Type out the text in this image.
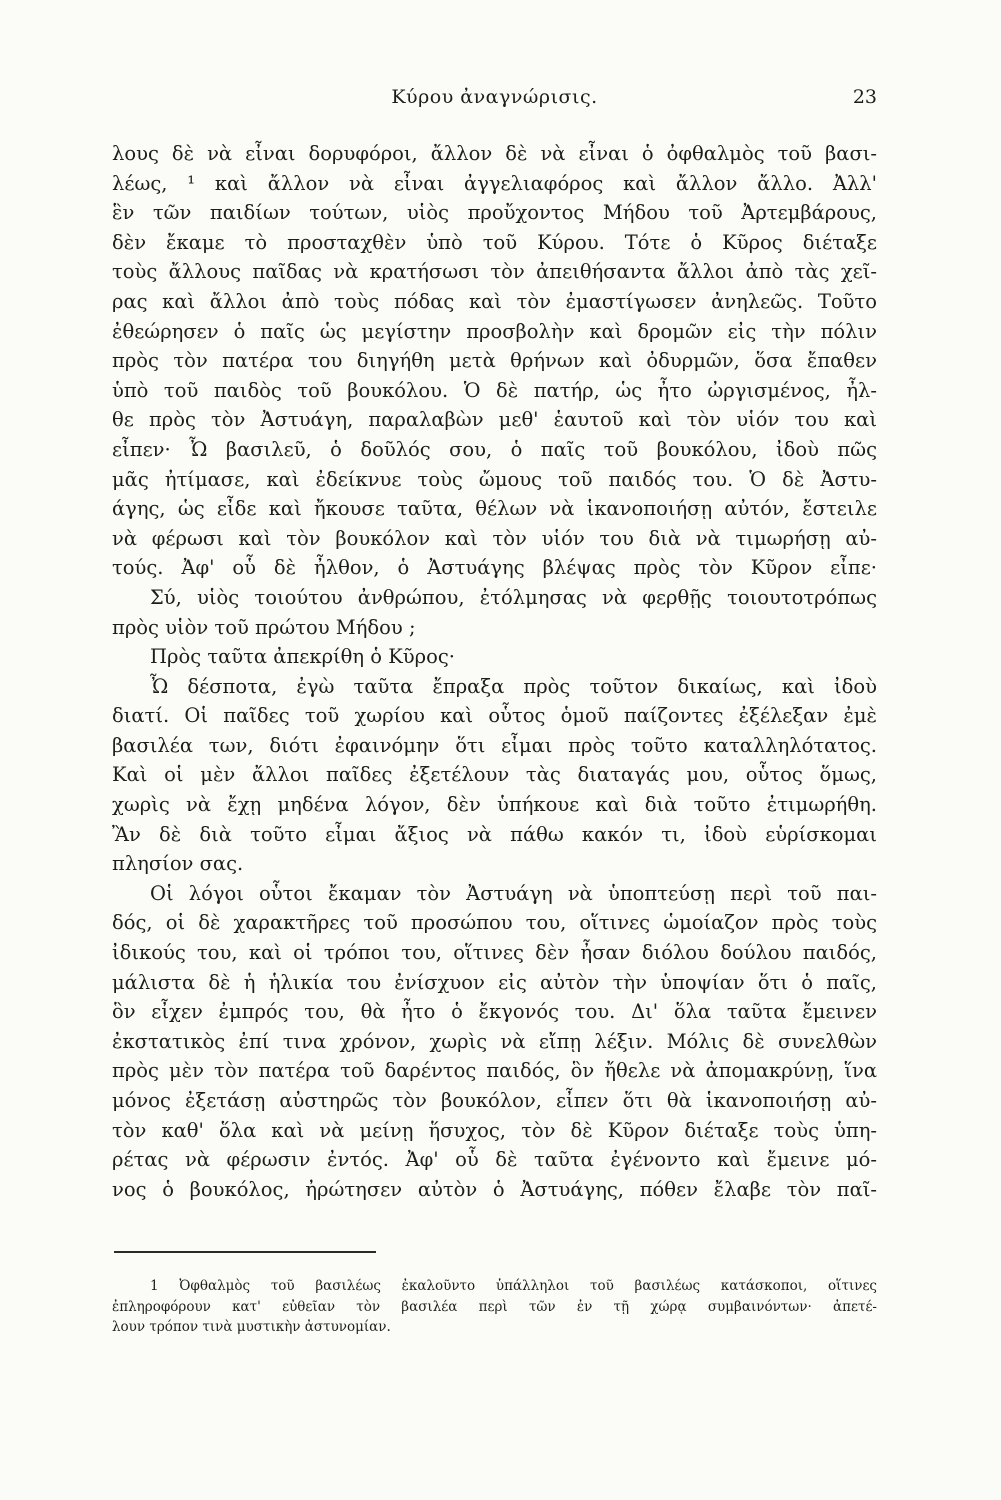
Κύρου ἀναγνώρισις.	23
λους δὲ νὰ εἶναι δορυφόροι, ἄλλον δὲ νὰ εἶναι ὁ ὀφθαλμὸς τοῦ βασι-
λέως, ¹ καὶ ἄλλον νὰ εἶναι ἀγγελιαφόρος καὶ ἄλλον ἄλλο. Ἀλλ'
ἓν τῶν παιδίων τούτων, υἱὸς προὔχοντος Μήδου τοῦ Ἀρτεμβάρους,
δὲν ἔκαμε τὸ προσταχθὲν ὑπὸ τοῦ Κύρου. Τότε ὁ Κῦρος διέταξε
τοὺς ἄλλους παῖδας νὰ κρατήσωσι τὸν ἀπειθήσαντα ἄλλοι ἀπὸ τὰς χεῖ-
ρας καὶ ἄλλοι ἀπὸ τοὺς πόδας καὶ τὸν ἐμαστίγωσεν ἀνηλεῶς. Τοῦτο
ἐθεώρησεν ὁ παῖς ὡς μεγίστην προσβολὴν καὶ δρομῶν εἰς τὴν πόλιν
πρὸς τὸν πατέρα του διηγήθη μετὰ θρήνων καὶ ὀδυρμῶν, ὅσα ἔπαθεν
ὑπὸ τοῦ παιδὸς τοῦ βουκόλου. Ὁ δὲ πατήρ, ὡς ἦτο ὠργισμένος, ἦλ-
θε πρὸς τὸν Ἀστυάγη, παραλαβὼν μεθ' ἑαυτοῦ καὶ τὸν υἱόν του καὶ
εἶπεν· Ὦ βασιλεῦ, ὁ δοῦλός σου, ὁ παῖς τοῦ βουκόλου, ἰδοὺ πῶς
μᾶς ἠτίμασε, καὶ ἐδείκνυε τοὺς ὤμους τοῦ παιδός του. Ὁ δὲ Ἀστυ-
άγης, ὡς εἶδε καὶ ἤκουσε ταῦτα, θέλων νὰ ἱκανοποιήσῃ αὐτόν, ἔστειλε
νὰ φέρωσι καὶ τὸν βουκόλον καὶ τὸν υἱόν του διὰ νὰ τιμωρήσῃ αὐ-
τούς. Ἀφ' οὗ δὲ ἦλθον, ὁ Ἀστυάγης βλέψας πρὸς τὸν Κῦρον εἶπε·
Σύ, υἱὸς τοιούτου ἀνθρώπου, ἐτόλμησας νὰ φερθῇς τοιουτοτρόπως
πρὸς υἱὸν τοῦ πρώτου Μήδου ;
Πρὸς ταῦτα ἀπεκρίθη ὁ Κῦρος·
Ὦ δέσποτα, ἐγὼ ταῦτα ἔπραξα πρὸς τοῦτον δικαίως, καὶ ἰδοὺ
διατί. Οἱ παῖδες τοῦ χωρίου καὶ οὗτος ὁμοῦ παίζοντες ἐξέλεξαν ἐμὲ
βασιλέα των, διότι ἐφαινόμην ὅτι εἶμαι πρὸς τοῦτο καταλληλότατος.
Καὶ οἱ μὲν ἄλλοι παῖδες ἐξετέλουν τὰς διαταγάς μου, οὗτος ὅμως,
χωρὶς νὰ ἔχῃ μηδένα λόγον, δὲν ὑπήκουε καὶ διὰ τοῦτο ἐτιμωρήθη.
Ἂν δὲ διὰ τοῦτο εἶμαι ἄξιος νὰ πάθω κακόν τι, ἰδοὺ εὑρίσκομαι
πλησίον σας.
Οἱ λόγοι οὗτοι ἔκαμαν τὸν Ἀστυάγη νὰ ὑποπτεύσῃ περὶ τοῦ παι-
δός, οἱ δὲ χαρακτῆρες τοῦ προσώπου του, οἵτινες ὡμοίαζον πρὸς τοὺς
ἰδικούς του, καὶ οἱ τρόποι του, οἵτινες δὲν ἦσαν διόλου δούλου παιδός,
μάλιστα δὲ ἡ ἡλικία του ἐνίσχυον εἰς αὐτὸν τὴν ὑποψίαν ὅτι ὁ παῖς,
ὃν εἶχεν ἐμπρός του, θὰ ἦτο ὁ ἔκγονός του. Δι' ὅλα ταῦτα ἔμεινεν
ἐκστατικὸς ἐπί τινα χρόνον, χωρὶς νὰ εἴπῃ λέξιν. Μόλις δὲ συνελθὼν
πρὸς μὲν τὸν πατέρα τοῦ δαρέντος παιδός, ὃν ἤθελε νὰ ἀπομακρύνῃ, ἵνα
μόνος ἐξετάσῃ αὐστηρῶς τὸν βουκόλον, εἶπεν ὅτι θὰ ἱκανοποιήσῃ αὐ-
τὸν καθ' ὅλα καὶ νὰ μείνῃ ἥσυχος, τὸν δὲ Κῦρον διέταξε τοὺς ὑπη-
ρέτας νὰ φέρωσιν ἐντός. Ἀφ' οὗ δὲ ταῦτα ἐγένοντο καὶ ἔμεινε μό-
νος ὁ βουκόλος, ἠρώτησεν αὐτὸν ὁ Ἀστυάγης, πόθεν ἔλαβε τὸν παῖ-
1 Ὀφθαλμὸς τοῦ βασιλέως ἐκαλοῦντο ὑπάλληλοι τοῦ βασιλέως κατάσκοποι, οἵτινες
ἐπληροφόρουν κατ' εὐθεῖαν τὸν βασιλέα περὶ τῶν ἐν τῇ χώρᾳ συμβαινόντων· ἀπετέ-
λουν τρόπον τινὰ μυστικὴν ἀστυνομίαν.
